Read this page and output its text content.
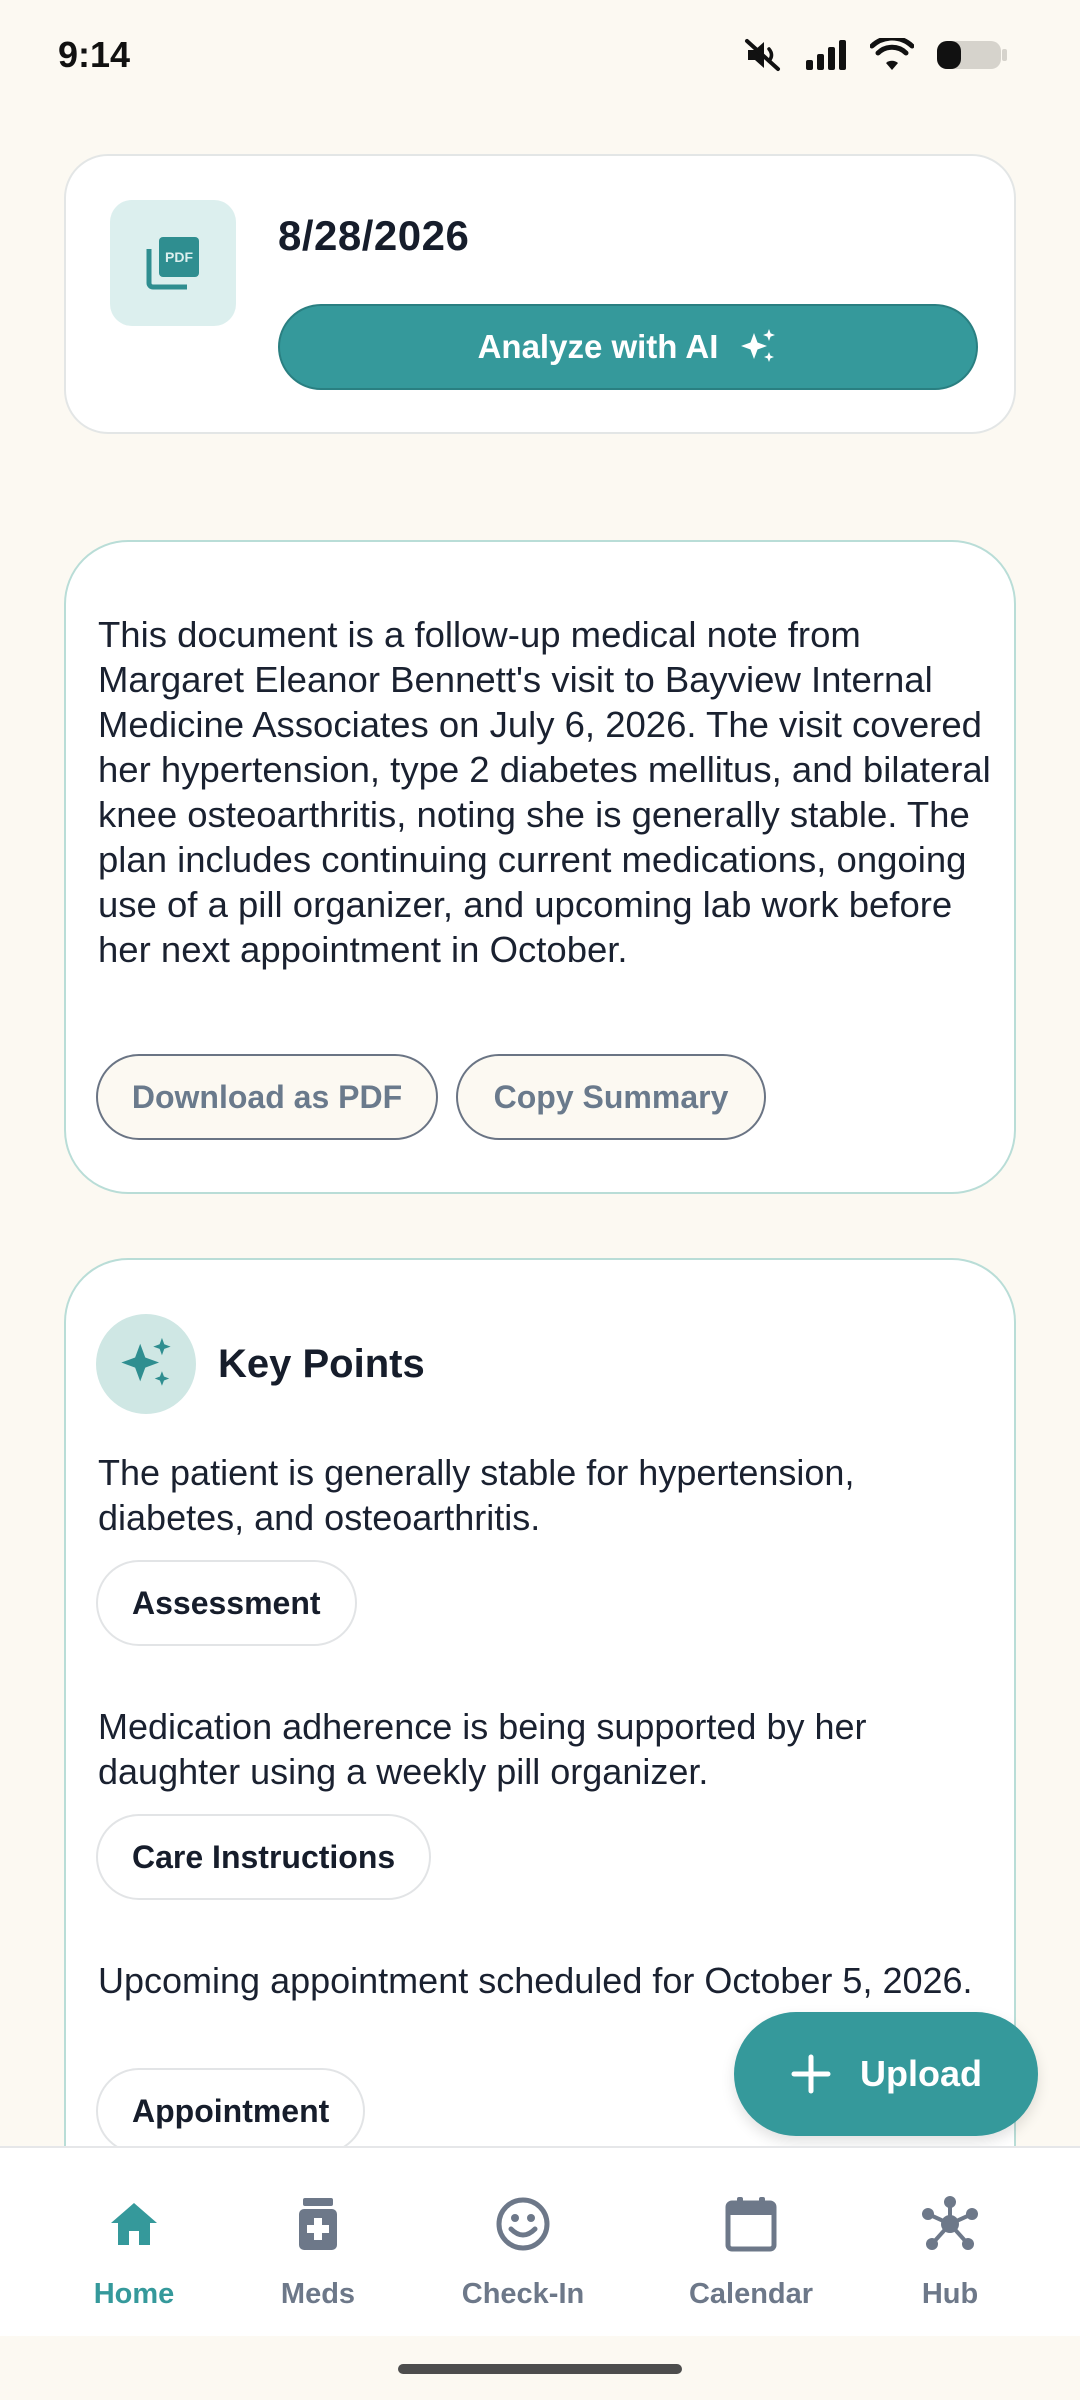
9:14
PDF 8/28/2026
Analyze with AI

This document is a follow-up medical note from Margaret Eleanor Bennett's visit to Bayview Internal Medicine Associates on July 6, 2026. The visit covered her hypertension, type 2 diabetes mellitus, and bilateral knee osteoarthritis, noting she is generally stable. The plan includes continuing current medications, ongoing use of a pill organizer, and upcoming lab work before her next appointment in October.

Download as PDF	Copy Summary
Key Points

The patient is generally stable for hypertension, diabetes, and osteoarthritis.

Assessment

Medication adherence is being supported by her daughter using a weekly pill organizer.

Care Instructions

Upcoming appointment scheduled for October 5, 2026.

Appointment
Upload
Home	Meds	Check-In	Calendar	Hub
